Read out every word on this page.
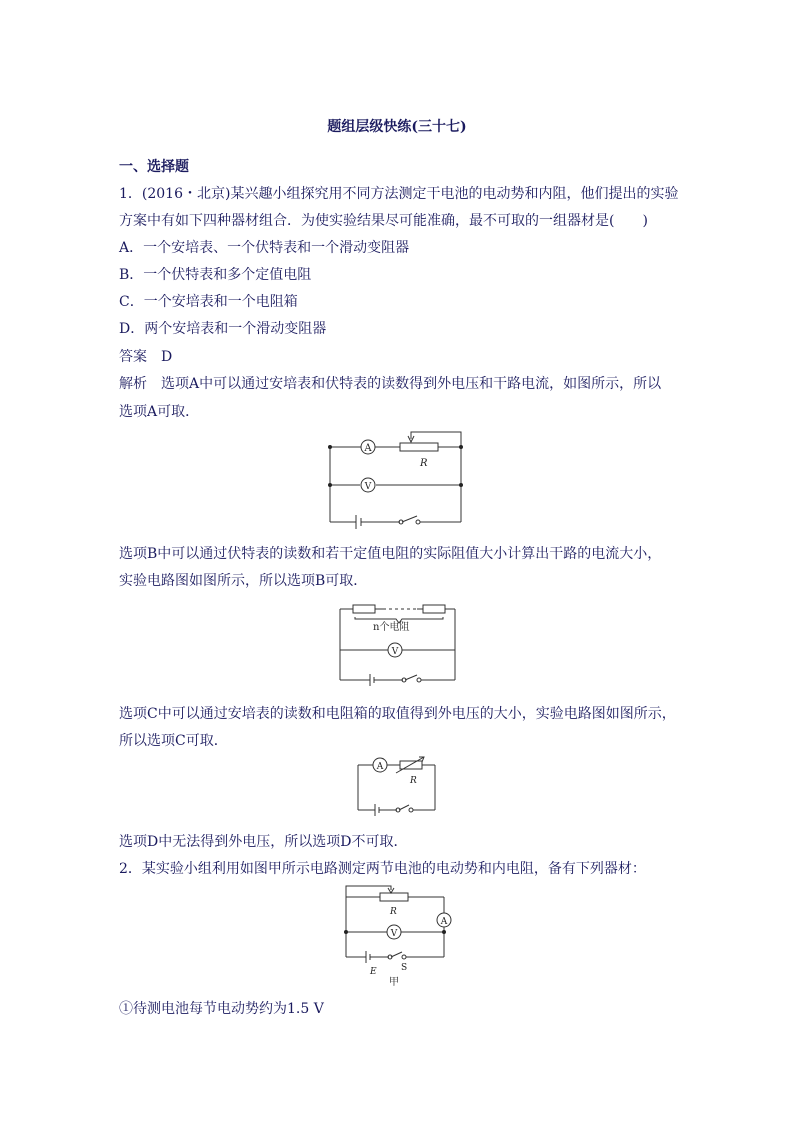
题组层级快练(三十七)
一、选择题
1．(2016・北京)某兴趣小组探究用不同方法测定干电池的电动势和内阻，他们提出的实验
方案中有如下四种器材组合．为使实验结果尽可能准确，最不可取的一组器材是(　　)
A．一个安培表、一个伏特表和一个滑动变阻器
B．一个伏特表和多个定值电阻
C．一个安培表和一个电阻箱
D．两个安培表和一个滑动变阻器
答案　D
解析　选项A中可以通过安培表和伏特表的读数得到外电压和干路电流，如图所示，所以
选项A可取．
A
V
R
选项B中可以通过伏特表的读数和若干定值电阻的实际阻值大小计算出干路的电流大小，
实验电路图如图所示，所以选项B可取．
n个电阻
V
选项C中可以通过安培表的读数和电阻箱的取值得到外电压的大小，实验电路图如图所示，
所以选项C可取．
A
R
选项D中无法得到外电压，所以选项D不可取．
2．某实验小组利用如图甲所示电路测定两节电池的电动势和内电阻，备有下列器材：
R
A
V
E	S
甲
①待测电池每节电动势约为1.5 V
